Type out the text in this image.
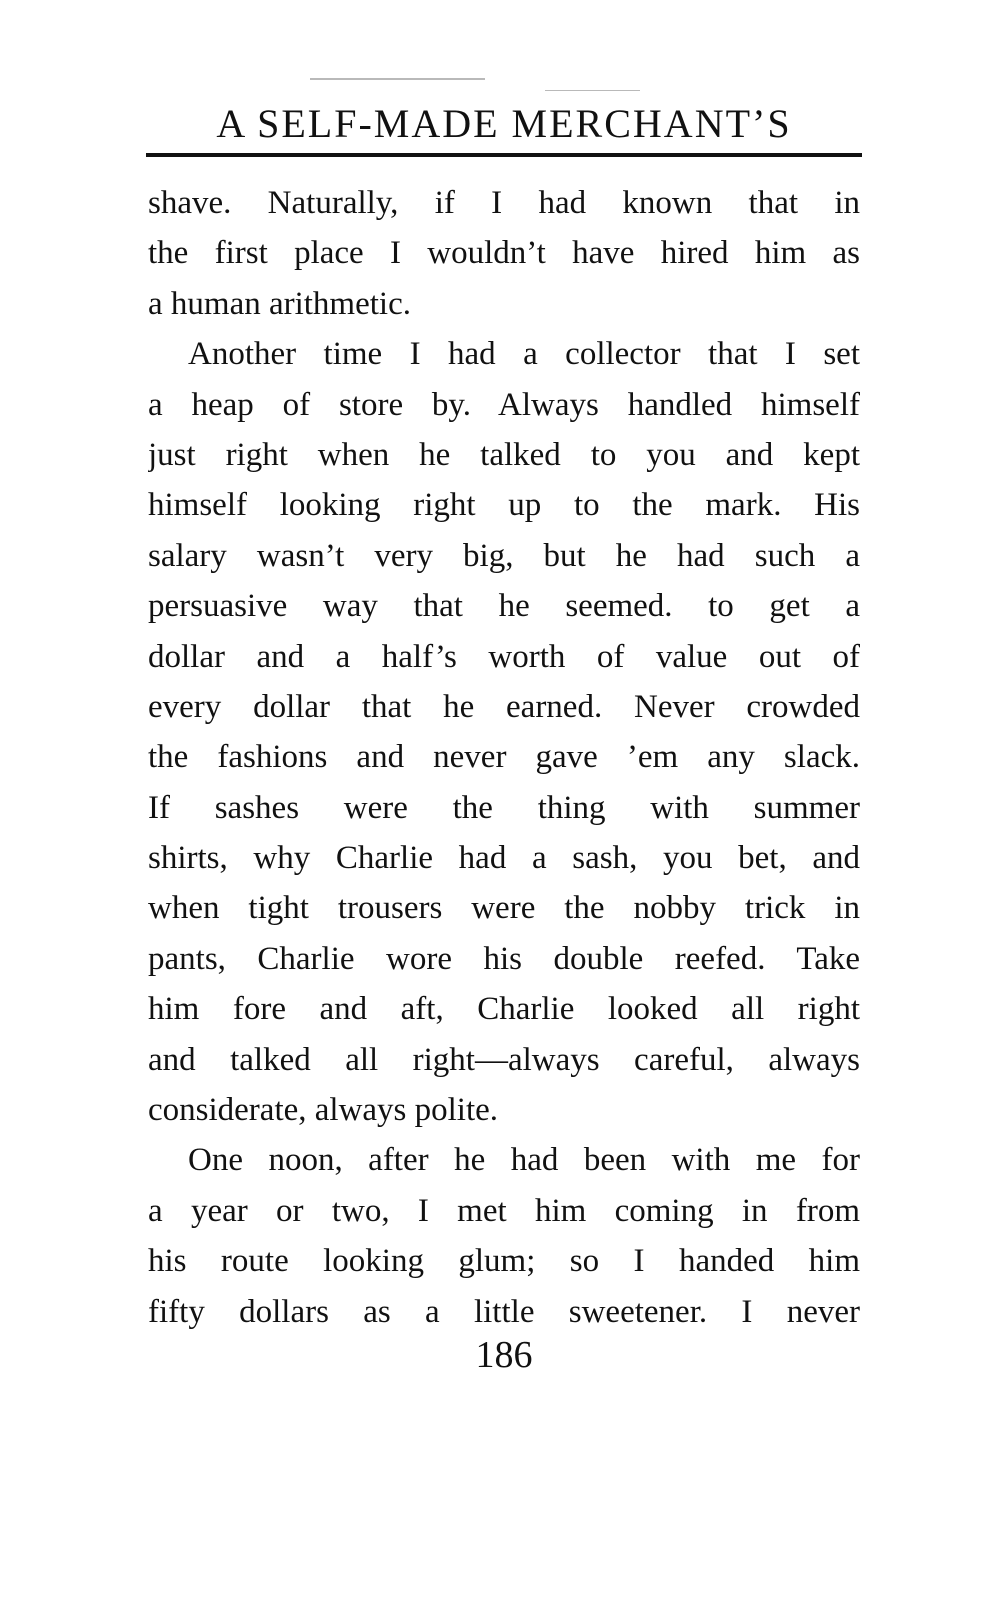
A SELF-MADE MERCHANT’S
shave. Naturally, if I had known that in
the first place I wouldn’t have hired him as
a human arithmetic.
Another time I had a collector that I set
a heap of store by. Always handled himself
just right when he talked to you and kept
himself looking right up to the mark. His
salary wasn’t very big, but he had such a
persuasive way that he seemed. to get a
dollar and a half’s worth of value out of
every dollar that he earned. Never crowded
the fashions and never gave ’em any slack.
If sashes were the thing with summer
shirts, why Charlie had a sash, you bet, and
when tight trousers were the nobby trick in
pants, Charlie wore his double reefed. Take
him fore and aft, Charlie looked all right
and talked all right—always careful, always
considerate, always polite.
One noon, after he had been with me for
a year or two, I met him coming in from
his route looking glum; so I handed him
fifty dollars as a little sweetener. I never
186
